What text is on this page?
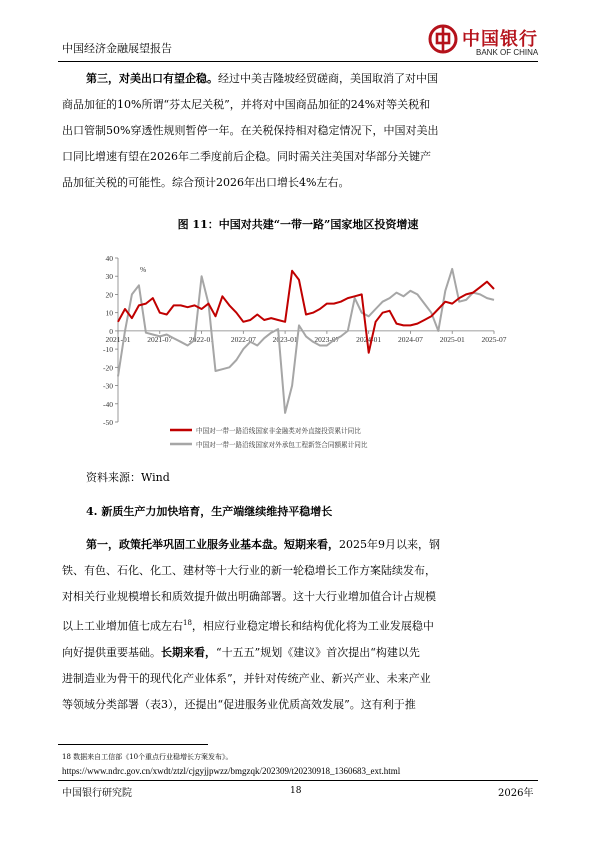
中国经济金融展望报告	中国银行
BANK OF CHINA
第三，对美出口有望企稳。经过中美吉隆坡经贸磋商，美国取消了对中国
商品加征的10%所谓“芬太尼关税”，并将对中国商品加征的24%对等关税和
出口管制50%穿透性规则暂停一年。在关税保持相对稳定情况下，中国对美出
口同比增速有望在2026年二季度前后企稳。同时需关注美国对华部分关键产
品加征关税的可能性。综合预计2026年出口增长4%左右。
图 11：中国对共建“一带一路”国家地区投资增速
40
30
20
10
0
-10
-20
-30
-40
-50
%
2021-01 2021-07 2022-01 2022-07 2023-01 2023-07 2024-01 2024-07 2025-01 2025-07
中国对一带一路沿线国家非金融类对外直接投资累计同比
中国对一带一路沿线国家对外承包工程新签合同额累计同比
资料来源：Wind
4. 新质生产力加快培育，生产端继续维持平稳增长
第一，政策托举巩固工业服务业基本盘。短期来看，2025年9月以来，钢
铁、有色、石化、化工、建材等十大行业的新一轮稳增长工作方案陆续发布，
对相关行业规模增长和质效提升做出明确部署。这十大行业增加值合计占规模
以上工业增加值七成左右$^{18}$，相应行业稳定增长和结构优化将为工业发展稳中
向好提供重要基础。长期来看，“十五五”规划《建议》首次提出“构建以先
进制造业为骨干的现代化产业体系”，并针对传统产业、新兴产业、未来产业
等领域分类部署（表3），还提出“促进服务业优质高效发展”。这有利于推
18 数据来自工信部《10个重点行业稳增长方案发布》。
https://www.ndrc.gov.cn/xwdt/ztzl/cjgyjjpwzz/bmgzqk/202309/t20230918_1360683_ext.html
中国银行研究院	18	2026年
